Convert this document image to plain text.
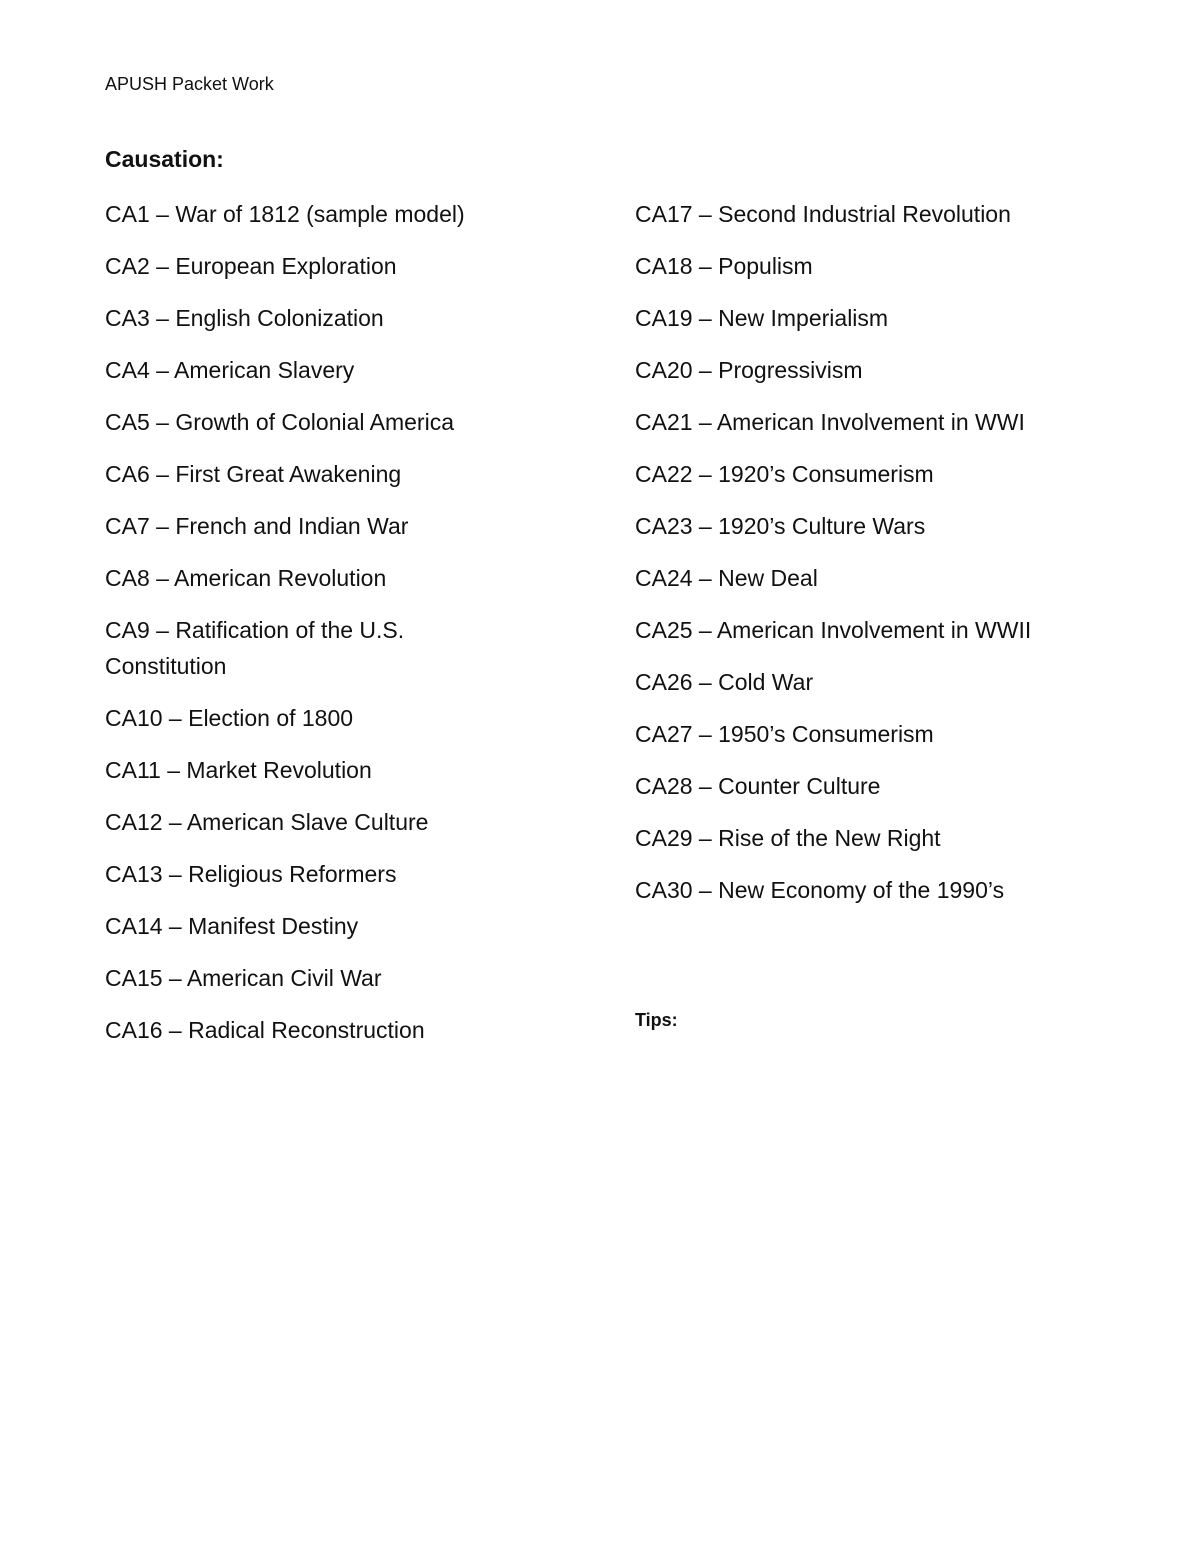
APUSH Packet Work
Causation:
CA1 – War of 1812 (sample model)
CA2 – European Exploration
CA3 – English Colonization
CA4 – American Slavery
CA5 – Growth of Colonial America
CA6 – First Great Awakening
CA7 – French and Indian War
CA8 – American Revolution
CA9 – Ratification of the U.S. Constitution
CA10 – Election of 1800
CA11 – Market Revolution
CA12 – American Slave Culture
CA13 – Religious Reformers
CA14 – Manifest Destiny
CA15 – American Civil War
CA16 – Radical Reconstruction
CA17 – Second Industrial Revolution
CA18 – Populism
CA19 – New Imperialism
CA20 – Progressivism
CA21 – American Involvement in WWI
CA22 – 1920’s Consumerism
CA23 – 1920’s Culture Wars
CA24 – New Deal
CA25 – American Involvement in WWII
CA26 – Cold War
CA27 – 1950’s Consumerism
CA28 – Counter Culture
CA29 – Rise of the New Right
CA30 – New Economy of the 1990’s
Tips:
